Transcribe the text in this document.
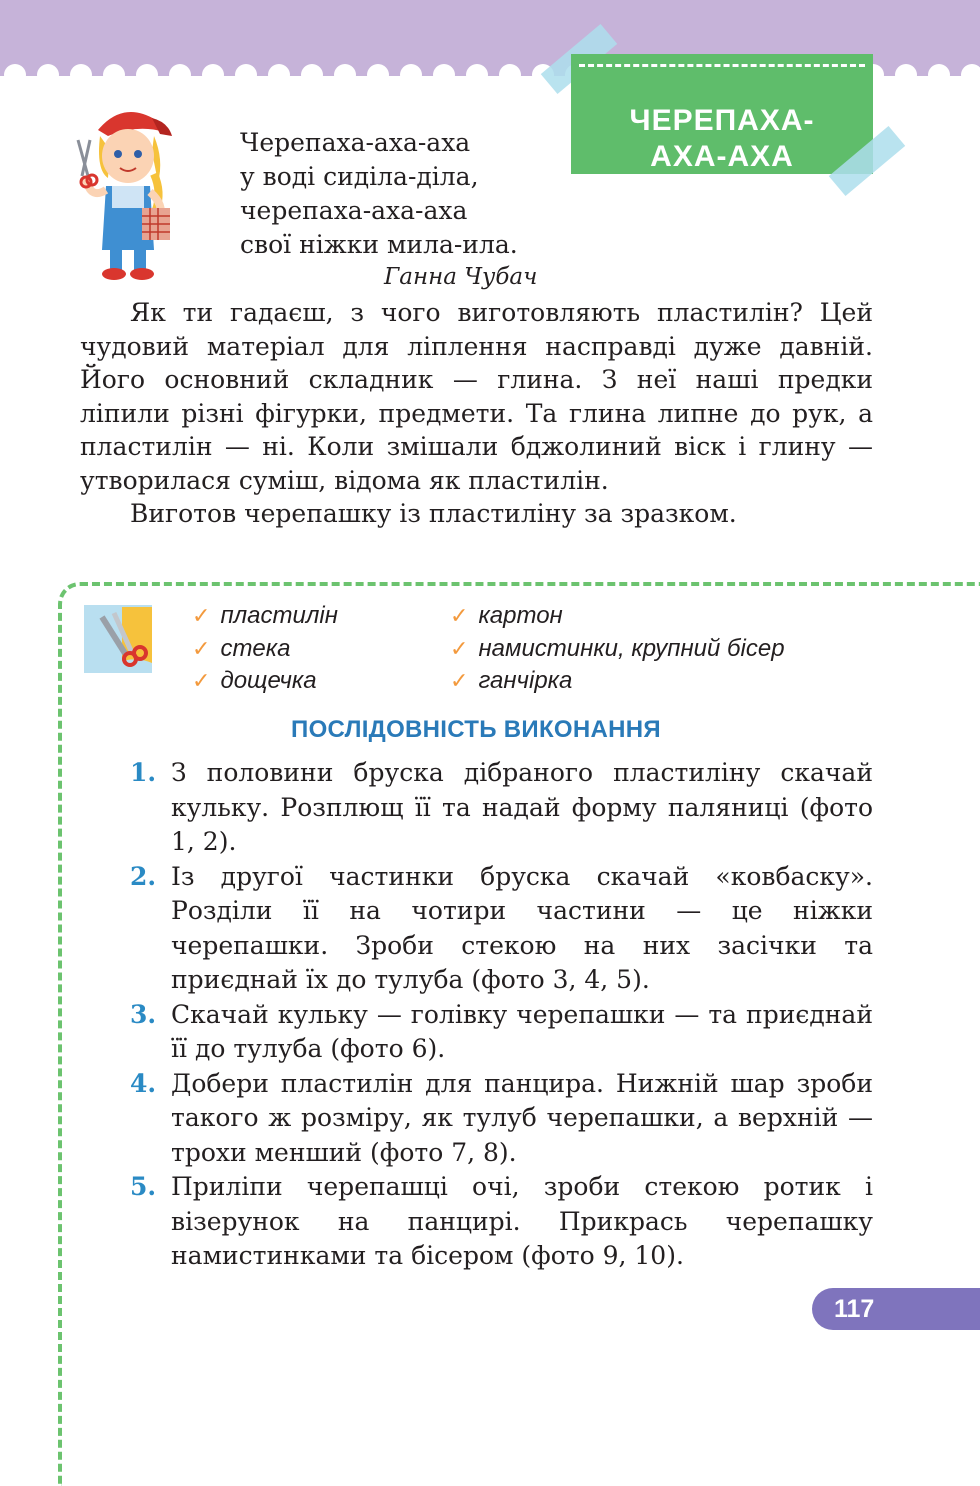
ЧЕРЕПАХА-
АХА-АХА
Черепаха-аха-аха
у воді сиділа-діла,
черепаха-аха-аха
свої ніжки мила-ила.
Ганна Чубач

Як ти гадаєш, з чого виготовляють пластилін? Цей чудовий матеріал для ліплення насправді дуже давній. Його основний складник — глина. З неї наші предки ліпили різні фігурки, предмети. Та глина липне до рук, а пластилін — ні. Коли змішали бджолиний віск і глину — утворилася суміш, відома як пластилін.

Виготов черепашку із пластиліну за зразком.

✓ пластилін
✓ стека
✓ дощечка
✓ картон
✓ намистинки, крупний бісер
✓ ганчірка
ПОСЛІДОВНІСТЬ ВИКОНАННЯ
1. З половини бруска дібраного пластиліну скачай кульку. Розплющ її та надай форму паляниці (фото 1, 2).
2. Із другої частинки бруска скачай «ковбаску». Розділи її на чотири частини — це ніжки черепашки. Зроби стекою на них засічки та приєднай їх до тулуба (фото 3, 4, 5).
3. Скачай кульку — голівку черепашки — та приєднай її до тулуба (фото 6).
4. Добери пластилін для панцира. Нижній шар зроби такого ж розміру, як тулуб черепашки, а верхній — трохи менший (фото 7, 8).
5. Приліпи черепашці очі, зроби стекою ротик і візерунок на панцирі. Прикрась черепашку намистинками та бісером (фото 9, 10).
117
